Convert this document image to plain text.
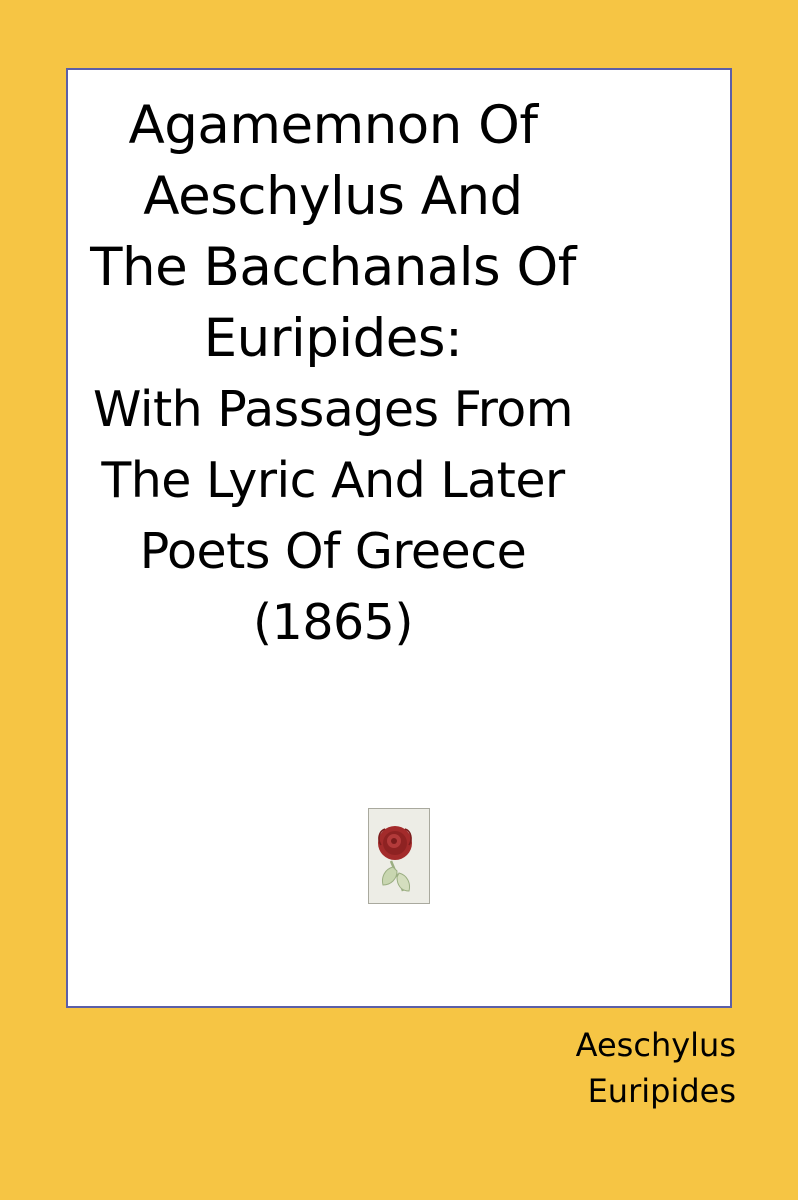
Agamemnon Of
Aeschylus And
The Bacchanals Of
Euripides:
With Passages From
The Lyric And Later
Poets Of Greece
(1865)
Aeschylus
Euripides
